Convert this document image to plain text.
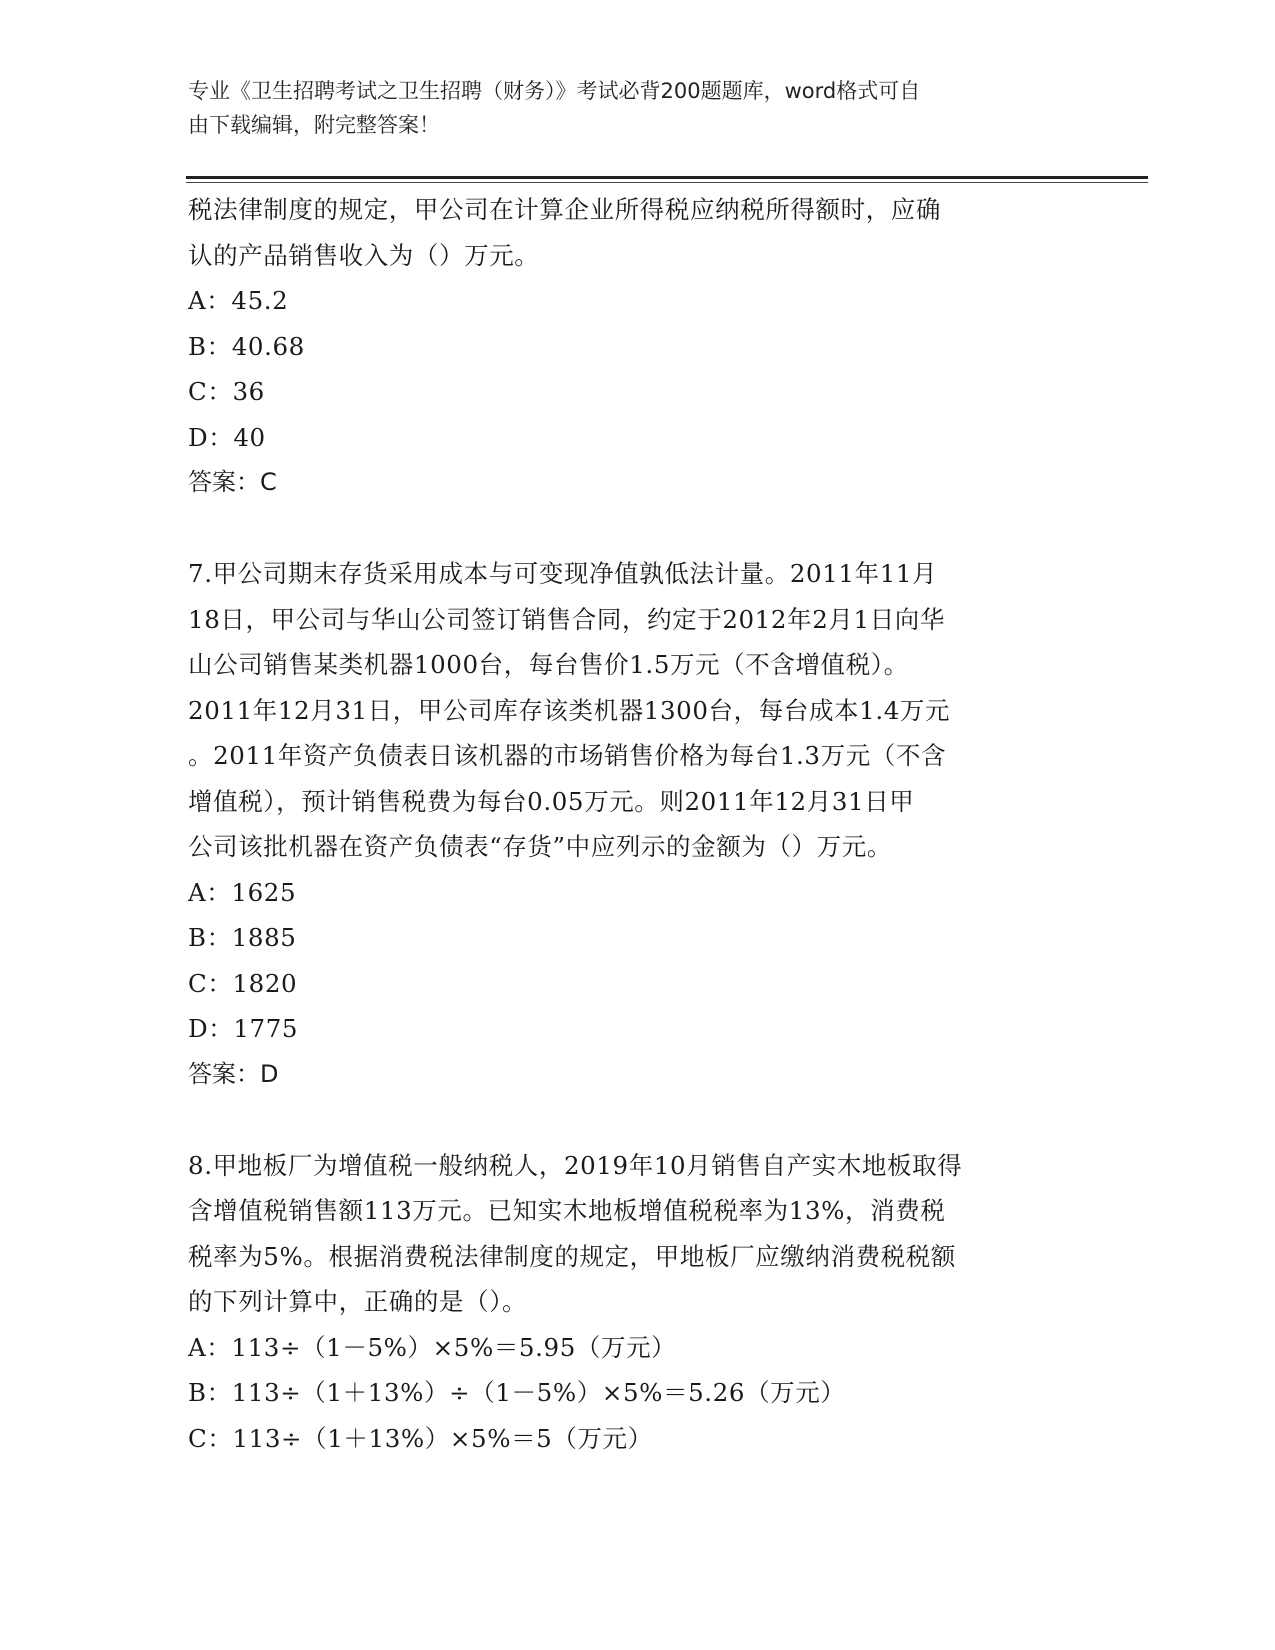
专业《卫生招聘考试之卫生招聘（财务）》考试必背200题题库，word格式可自
由下载编辑，附完整答案！
税法律制度的规定，甲公司在计算企业所得税应纳税所得额时，应确
认的产品销售收入为（）万元。
A：45.2
B：40.68
C：36
D：40
答案：C
7.甲公司期末存货采用成本与可变现净值孰低法计量。2011年11月
18日，甲公司与华山公司签订销售合同，约定于2012年2月1日向华
山公司销售某类机器1000台，每台售价1.5万元（不含增值税）。
2011年12月31日，甲公司库存该类机器1300台，每台成本1.4万元
。2011年资产负债表日该机器的市场销售价格为每台1.3万元（不含
增值税），预计销售税费为每台0.05万元。则2011年12月31日甲
公司该批机器在资产负债表“存货”中应列示的金额为（）万元。
A：1625
B：1885
C：1820
D：1775
答案：D
8.甲地板厂为增值税一般纳税人，2019年10月销售自产实木地板取得
含增值税销售额113万元。已知实木地板增值税税率为13%，消费税
税率为5%。根据消费税法律制度的规定，甲地板厂应缴纳消费税税额
的下列计算中，正确的是（）。
A：113÷（1－5%）×5%＝5.95（万元）
B：113÷（1＋13%）÷（1－5%）×5%＝5.26（万元）
C：113÷（1＋13%）×5%＝5（万元）
